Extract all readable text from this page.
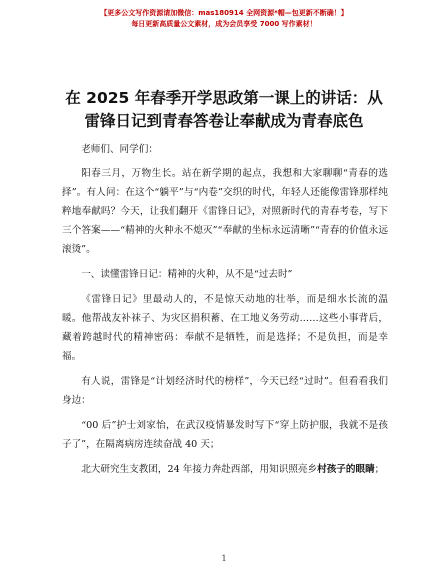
【更多公文写作资源请加微信：mas180914 全网资源*帽—包更新不断确！】
每日更新高质量公文素材，成为会员享受 7000 写作素材！
在 2025 年春季开学思政第一课上的讲话：从雷锋日记到青春答卷让奉献成为青春底色

老师们、同学们：

阳春三月，万物生长。站在新学期的起点，我想和大家聊聊“青春的选择”。有人问：在这个“躺平”与“内卷”交织的时代，年轻人还能像雷锋那样纯粹地奉献吗？今天，让我们翻开《雷锋日记》，对照新时代的青春考卷，写下三个答案——“精神的火种永不熄灭”“奉献的坐标永远清晰”“青春的价值永远滚烫”。

一、读懂雷锋日记：精神的火种，从不是“过去时”

《雷锋日记》里最动人的，不是惊天动地的壮举，而是细水长流的温暖。他帮战友补袜子、为灾区捐积蓄、在工地义务劳动……这些小事背后，藏着跨越时代的精神密码：奉献不是牺牲，而是选择；不是负担，而是幸福。

有人说，雷锋是“计划经济时代的榜样”，今天已经“过时”。但看看我们身边：

“00 后”护士刘家怡，在武汉疫情暴发时写下“穿上防护服，我就不是孩子了”，在隔离病房连续奋战 40 天；

北大研究生支教团，24 年接力奔赴西部，用知识照亮乡村孩子的眼睛；

1
